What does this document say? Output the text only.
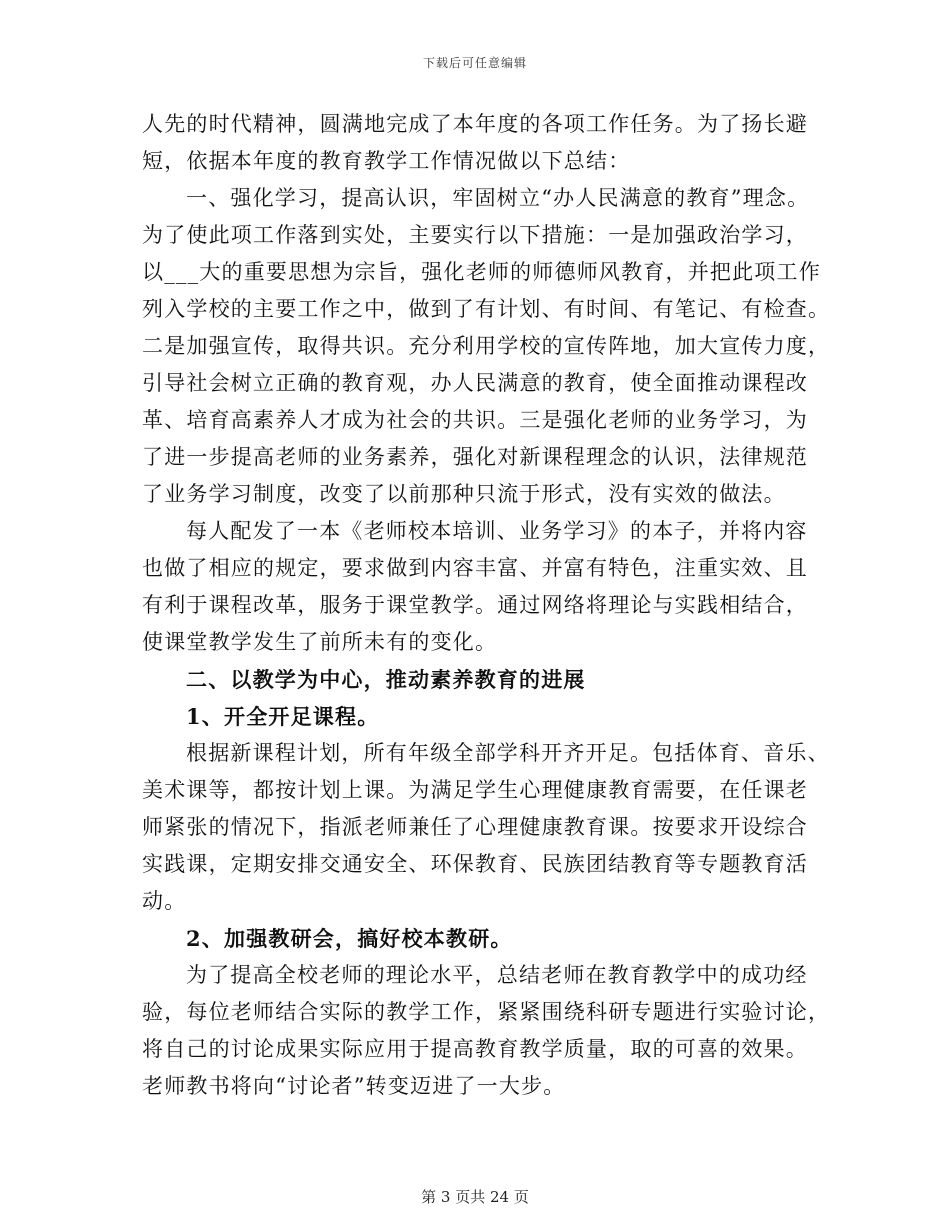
下载后可任意编辑
人先的时代精神，圆满地完成了本年度的各项工作任务。为了扬长避
短，依据本年度的教育教学工作情况做以下总结：
一、强化学习，提高认识，牢固树立“办人民满意的教育”理念。
为了使此项工作落到实处，主要实行以下措施：一是加强政治学习，
以___大的重要思想为宗旨，强化老师的师德师风教育，并把此项工作
列入学校的主要工作之中，做到了有计划、有时间、有笔记、有检查。
二是加强宣传，取得共识。充分利用学校的宣传阵地，加大宣传力度，
引导社会树立正确的教育观，办人民满意的教育，使全面推动课程改
革、培育高素养人才成为社会的共识。三是强化老师的业务学习，为
了进一步提高老师的业务素养，强化对新课程理念的认识，法律规范
了业务学习制度，改变了以前那种只流于形式，没有实效的做法。
每人配发了一本《老师校本培训、业务学习》的本子，并将内容
也做了相应的规定，要求做到内容丰富、并富有特色，注重实效、且
有利于课程改革，服务于课堂教学。通过网络将理论与实践相结合，
使课堂教学发生了前所未有的变化。
二、以教学为中心，推动素养教育的进展
1、开全开足课程。
根据新课程计划，所有年级全部学科开齐开足。包括体育、音乐、
美术课等，都按计划上课。为满足学生心理健康教育需要，在任课老
师紧张的情况下，指派老师兼任了心理健康教育课。按要求开设综合
实践课，定期安排交通安全、环保教育、民族团结教育等专题教育活
动。
2、加强教研会，搞好校本教研。
为了提高全校老师的理论水平，总结老师在教育教学中的成功经
验，每位老师结合实际的教学工作，紧紧围绕科研专题进行实验讨论，
将自己的讨论成果实际应用于提高教育教学质量，取的可喜的效果。
老师教书将向“讨论者”转变迈进了一大步。
第 3 页共 24 页
